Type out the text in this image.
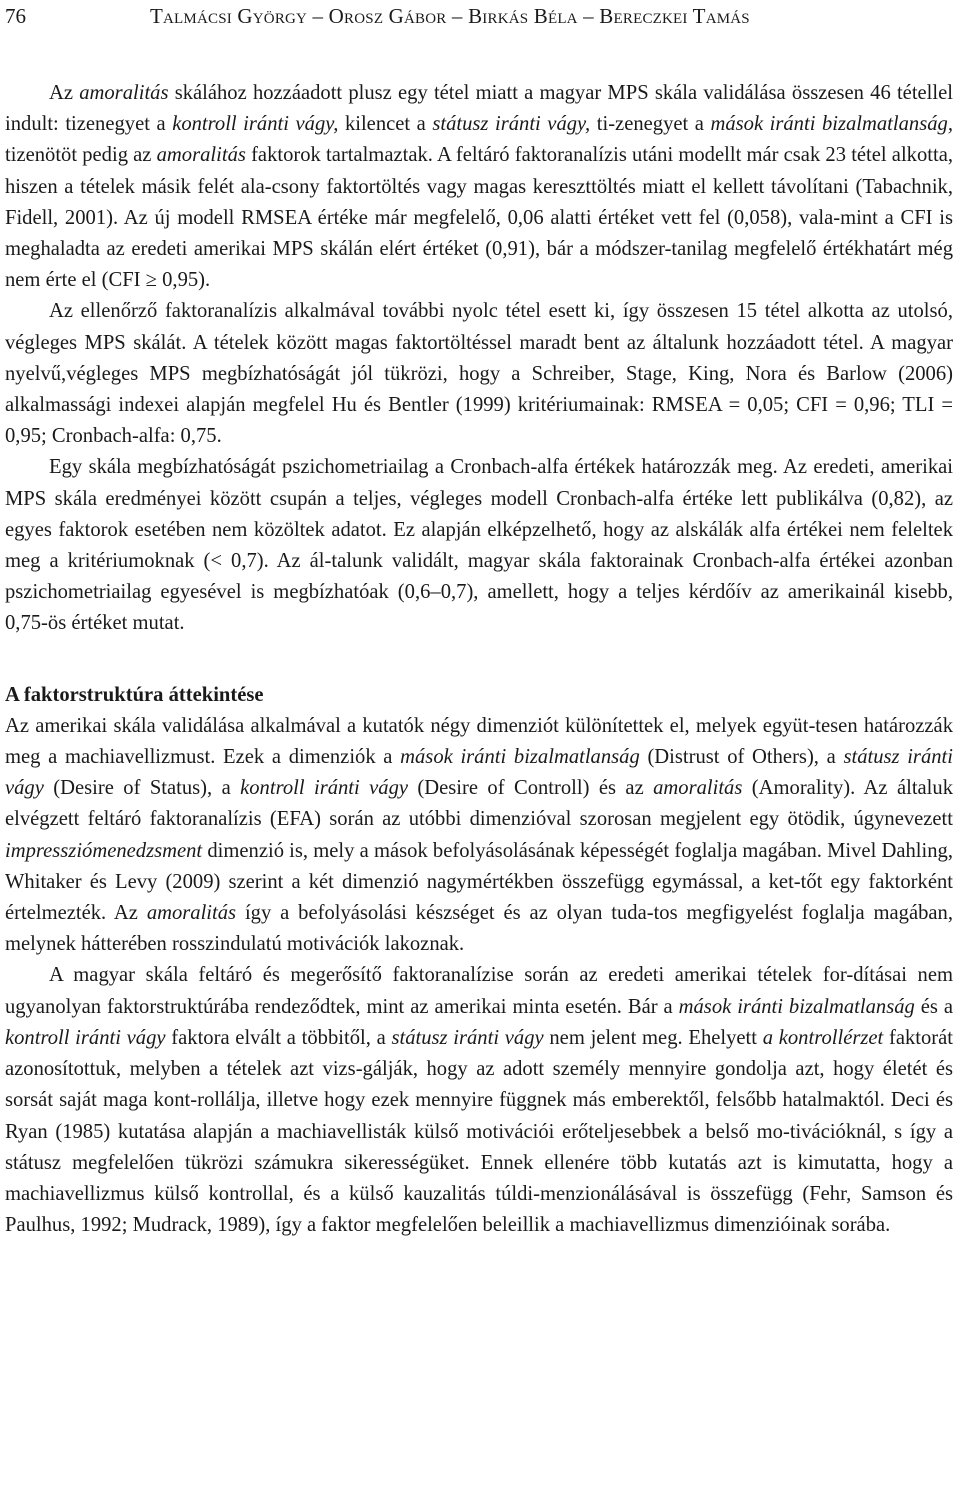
76	Talmácsi György – Orosz Gábor – Birkás Béla – Bereczkei Tamás

Az amoralitás skálához hozzáadott plusz egy tétel miatt a magyar MPS skála validálása összesen 46 tétellel indult: tizenegyet a kontroll iránti vágy, kilencet a státusz iránti vágy, ti-zenegyet a mások iránti bizalmatlanság, tizenötöt pedig az amoralitás faktorok tartalmaztak. A feltáró faktoranalízis utáni modellt már csak 23 tétel alkotta, hiszen a tételek másik felét ala-csony faktortöltés vagy magas kereszttöltés miatt el kellett távolítani (Tabachnik, Fidell, 2001). Az új modell RMSEA értéke már megfelelő, 0,06 alatti értéket vett fel (0,058), vala-mint a CFI is meghaladta az eredeti amerikai MPS skálán elért értéket (0,91), bár a módszer-tanilag megfelelő értékhatárt még nem érte el (CFI ≥ 0,95).

Az ellenőrző faktoranalízis alkalmával további nyolc tétel esett ki, így összesen 15 tétel alkotta az utolsó, végleges MPS skálát. A tételek között magas faktortöltéssel maradt bent az általunk hozzáadott tétel. A magyar nyelvű,végleges MPS megbízhatóságát jól tükrözi, hogy a Schreiber, Stage, King, Nora és Barlow (2006) alkalmassági indexei alapján megfelel Hu és Bentler (1999) kritériumainak: RMSEA = 0,05; CFI = 0,96; TLI = 0,95; Cronbach-alfa: 0,75.

Egy skála megbízhatóságát pszichometriailag a Cronbach-alfa értékek határozzák meg. Az eredeti, amerikai MPS skála eredményei között csupán a teljes, végleges modell Cronbach-alfa értéke lett publikálva (0,82), az egyes faktorok esetében nem közöltek adatot. Ez alapján elképzelhető, hogy az alskálák alfa értékei nem feleltek meg a kritériumoknak (< 0,7). Az ál-talunk validált, magyar skála faktorainak Cronbach-alfa értékei azonban pszichometriailag egyesével is megbízhatóak (0,6–0,7), amellett, hogy a teljes kérdőív az amerikainál kisebb, 0,75-ös értéket mutat.

A faktorstruktúra áttekintése

Az amerikai skála validálása alkalmával a kutatók négy dimenziót különítettek el, melyek együt-tesen határozzák meg a machiavellizmust. Ezek a dimenziók a mások iránti bizalmatlanság (Distrust of Others), a státusz iránti vágy (Desire of Status), a kontroll iránti vágy (Desire of Controll) és az amoralitás (Amorality). Az általuk elvégzett feltáró faktoranalízis (EFA) során az utóbbi dimenzióval szorosan megjelent egy ötödik, úgynevezett impressziómenedzsment dimenzió is, mely a mások befolyásolásának képességét foglalja magában. Mivel Dahling, Whitaker és Levy (2009) szerint a két dimenzió nagymértékben összefügg egymással, a ket-tőt egy faktorként értelmezték. Az amoralitás így a befolyásolási készséget és az olyan tuda-tos megfigyelést foglalja magában, melynek hátterében rosszindulatú motivációk lakoznak.

A magyar skála feltáró és megerősítő faktoranalízise során az eredeti amerikai tételek for-dításai nem ugyanolyan faktorstruktúrába rendeződtek, mint az amerikai minta esetén. Bár a mások iránti bizalmatlanság és a kontroll iránti vágy faktora elvált a többitől, a státusz iránti vágy nem jelent meg. Ehelyett a kontrollérzet faktorát azonosítottuk, melyben a tételek azt vizs-gálják, hogy az adott személy mennyire gondolja azt, hogy életét és sorsát saját maga kont-rollálja, illetve hogy ezek mennyire függnek más emberektől, felsőbb hatalmaktól. Deci és Ryan (1985) kutatása alapján a machiavellisták külső motivációi erőteljesebbek a belső mo-tivációknál, s így a státusz megfelelően tükrözi számukra sikerességüket. Ennek ellenére több kutatás azt is kimutatta, hogy a machiavellizmus külső kontrollal, és a külső kauzalitás túldi-menzionálásával is összefügg (Fehr, Samson és Paulhus, 1992; Mudrack, 1989), így a faktor megfelelően beleillik a machiavellizmus dimenzióinak sorába.
